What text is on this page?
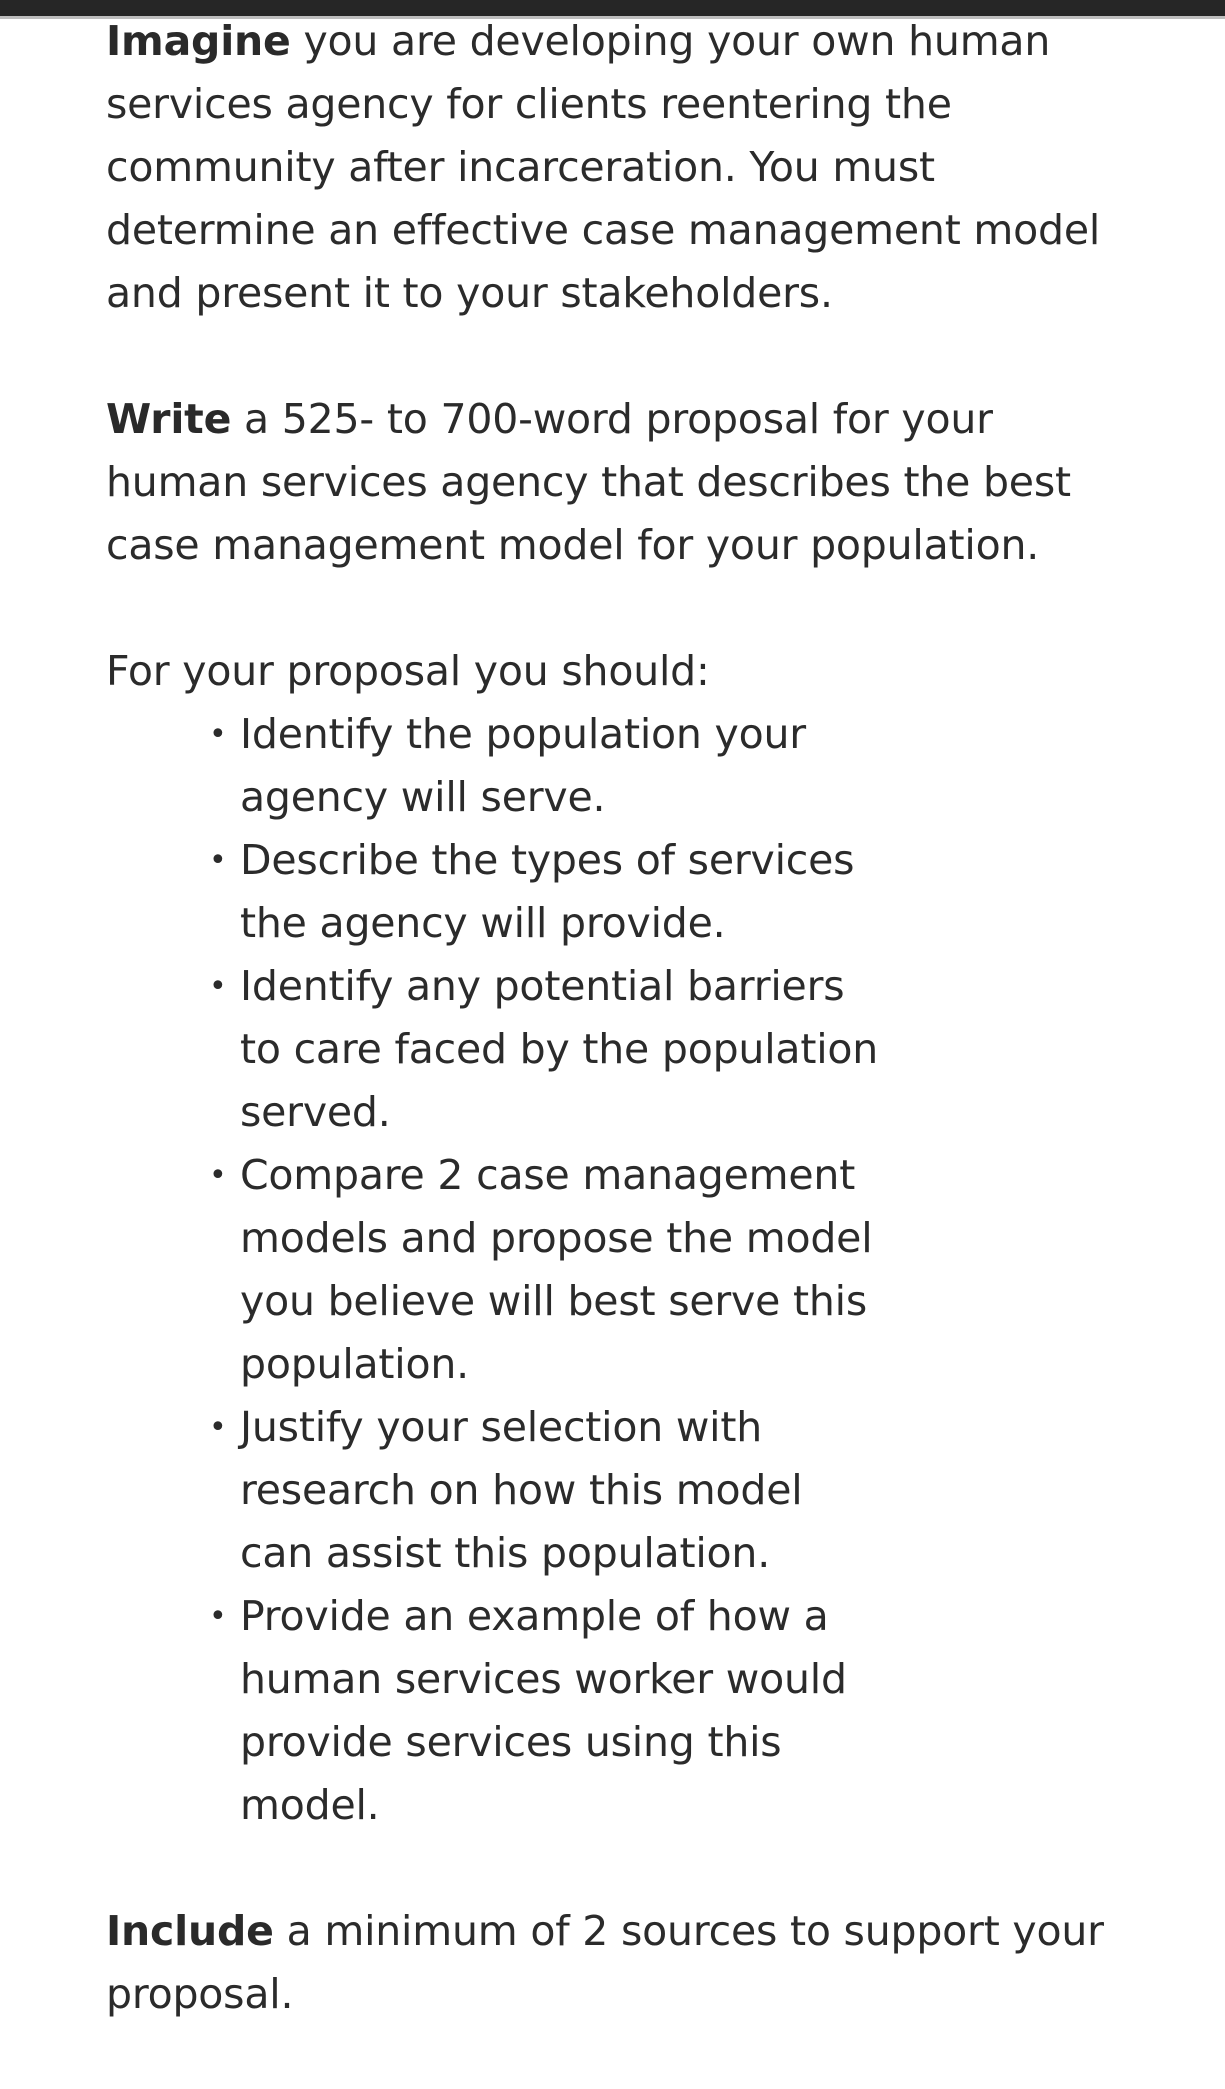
Imagine you are developing your own human services agency for clients reentering the community after incarceration. You must determine an effective case management model and present it to your stakeholders.

Write a 525- to 700-word proposal for your human services agency that describes the best case management model for your population.

For your proposal you should:

• Identify the population your agency will serve.
• Describe the types of services the agency will provide.
• Identify any potential barriers to care faced by the population served.
• Compare 2 case management models and propose the model you believe will best serve this population.
• Justify your selection with research on how this model can assist this population.
• Provide an example of how a human services worker would provide services using this model.

Include a minimum of 2 sources to support your proposal.
